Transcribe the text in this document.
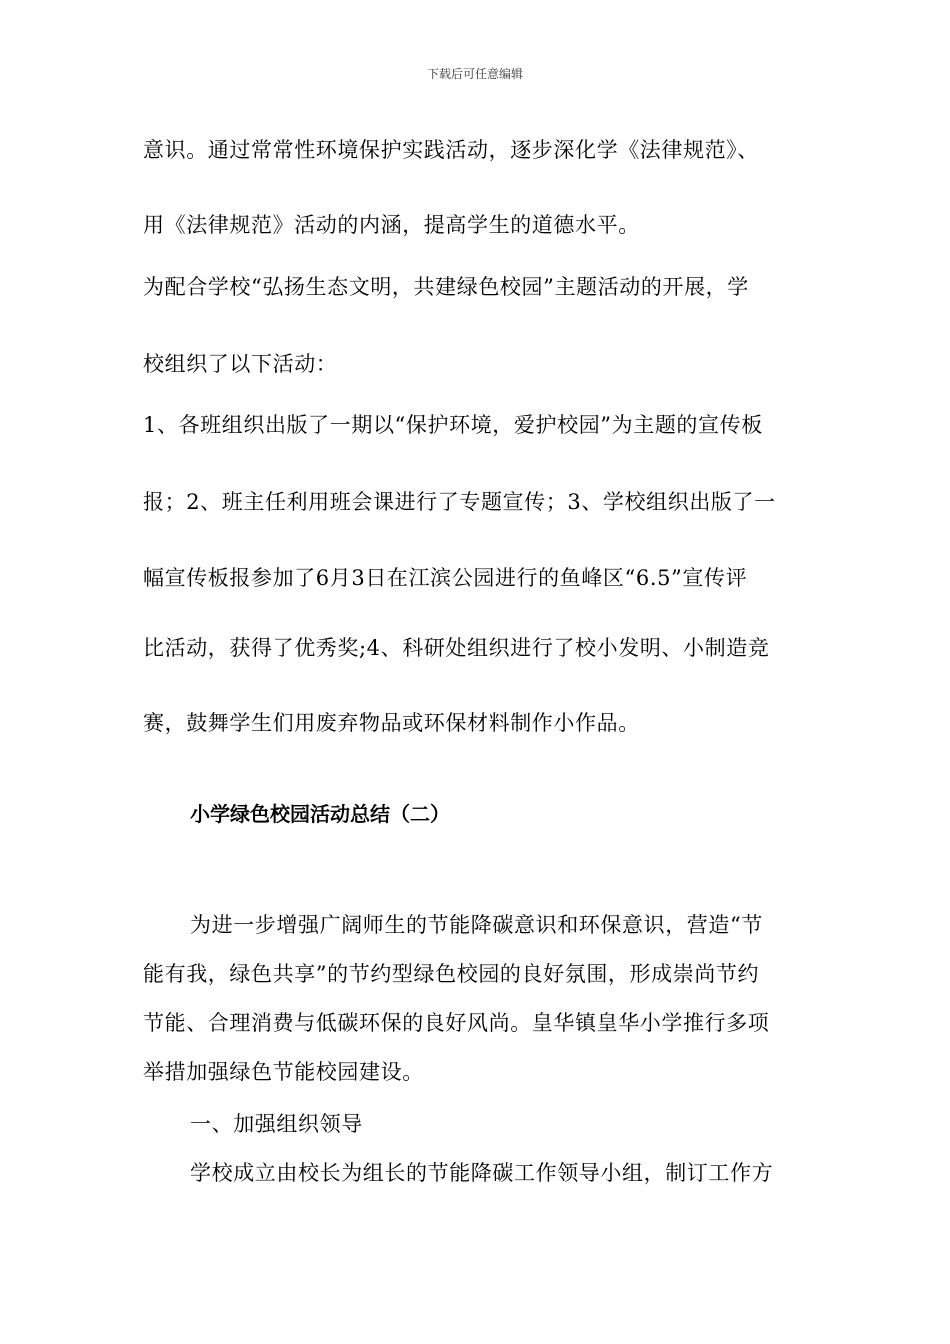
下载后可任意编辑
意识。通过常常性环境保护实践活动，逐步深化学《法律规范》、
用《法律规范》活动的内涵，提高学生的道德水平。
为配合学校“弘扬生态文明，共建绿色校园”主题活动的开展，学
校组织了以下活动：
1、各班组织出版了一期以“保护环境，爱护校园”为主题的宣传板
报；2、班主任利用班会课进行了专题宣传；3、学校组织出版了一
幅宣传板报参加了6月3日在江滨公园进行的鱼峰区“6.5”宣传评
比活动，获得了优秀奖;4、科研处组织进行了校小发明、小制造竞
赛，鼓舞学生们用废弃物品或环保材料制作小作品。
小学绿色校园活动总结（二）
为进一步增强广阔师生的节能降碳意识和环保意识，营造“节
能有我，绿色共享”的节约型绿色校园的良好氛围，形成崇尚节约
节能、合理消费与低碳环保的良好风尚。皇华镇皇华小学推行多项
举措加强绿色节能校园建设。
一、加强组织领导
学校成立由校长为组长的节能降碳工作领导小组，制订工作方
